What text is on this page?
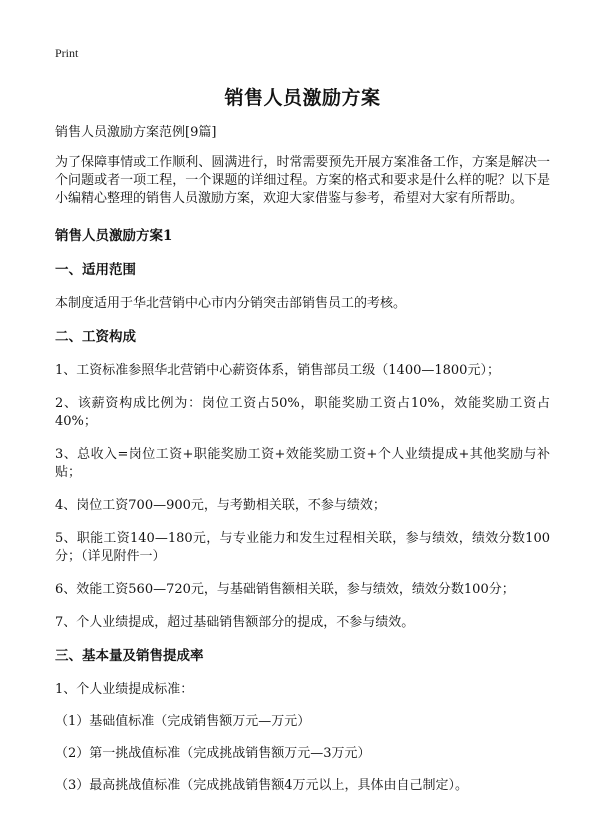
Print
销售人员激励方案
销售人员激励方案范例[9篇]
为了保障事情或工作顺利、圆满进行，时常需要预先开展方案准备工作，方案是解决一个问题或者一项工程，一个课题的详细过程。方案的格式和要求是什么样的呢？以下是小编精心整理的销售人员激励方案，欢迎大家借鉴与参考，希望对大家有所帮助。
销售人员激励方案1
一、适用范围
本制度适用于华北营销中心市内分销突击部销售员工的考核。
二、工资构成
1、工资标准参照华北营销中心薪资体系，销售部员工级（1400—1800元）；
2、该薪资构成比例为：岗位工资占50%，职能奖励工资占10%，效能奖励工资占40%；
3、总收入=岗位工资+职能奖励工资+效能奖励工资+个人业绩提成+其他奖励与补贴；
4、岗位工资700—900元，与考勤相关联，不参与绩效；
5、职能工资140—180元，与专业能力和发生过程相关联，参与绩效，绩效分数100分；（详见附件一）
6、效能工资560—720元，与基础销售额相关联，参与绩效，绩效分数100分；
7、个人业绩提成，超过基础销售额部分的提成，不参与绩效。
三、基本量及销售提成率
1、个人业绩提成标准：
（1）基础值标准（完成销售额万元—万元）
（2）第一挑战值标准（完成挑战销售额万元—3万元）
（3）最高挑战值标准（完成挑战销售额4万元以上，具体由自己制定）。
